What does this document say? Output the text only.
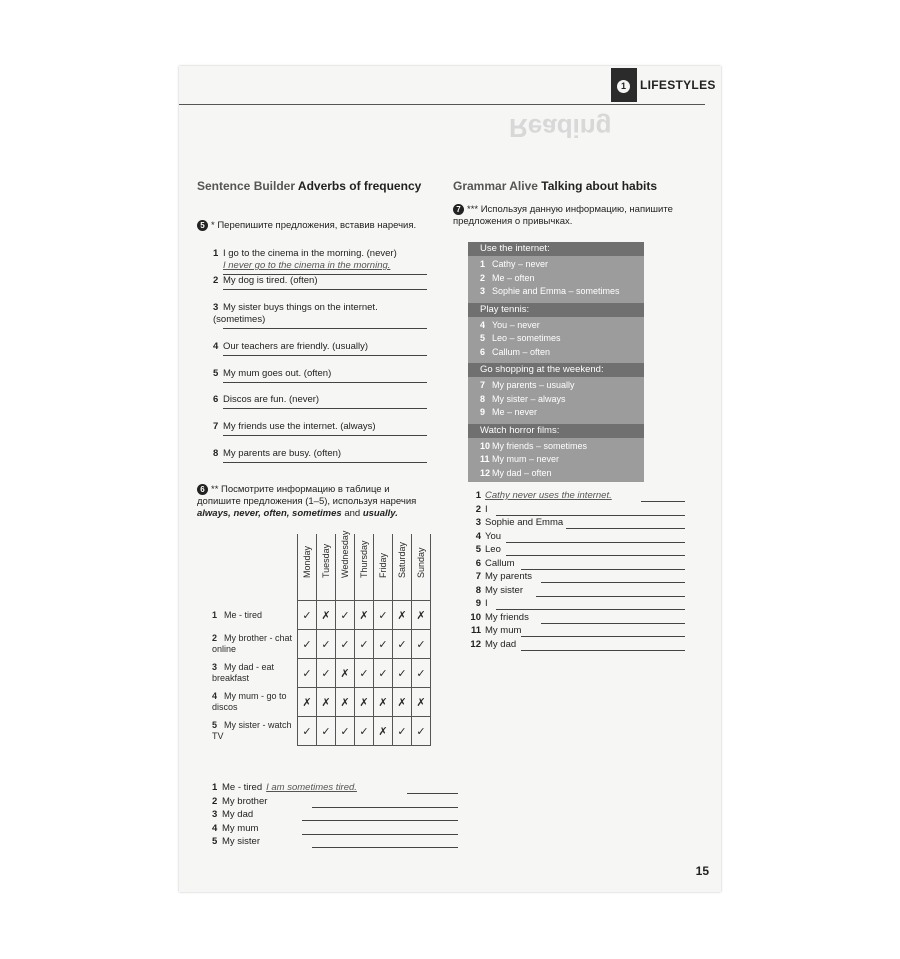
1	LIFESTYLES
Reading
Sentence Builder Adverbs of frequency
5 * Перепишите предложения, вставив наречия.
6 ** Посмотрите информацию в таблице и допишите предложения (1–5), используя наречия always, never, often, sometimes and usually.

	Monday	Tuesday	Wednesday	Thursday	Friday	Saturday	Sunday

1 Me - tired	✓	✗	✓	✗	✓	✗	✗
2 My brother - chat online	✓	✓	✓	✓	✓	✓	✓
3 My dad - eat breakfast	✓	✓	✗	✓	✓	✓	✓
4 My mum - go to discos	✗	✗	✗	✗	✗	✗	✗
5 My sister - watch TV	✓	✓	✓	✓	✗	✓	✓
Grammar Alive Talking about habits
7 *** Используя данную информацию, напишите предложения о привычках.
Use the internet:
1 Cathy – never
2 Me – often
3 Sophie and Emma – sometimes
Play tennis:
4 You – never
5 Leo – sometimes
6 Callum – often
Go shopping at the weekend:
7 My parents – usually
8 My sister – always
9 Me – never
Watch horror films:
10 My friends – sometimes
11 My mum – never
12 My dad – often
15
1 I go to the cinema in the morning. (never)
I never go to the cinema in the morning.
2 My dog is tired. (often)
3 My sister buys things on the internet. (sometimes)
4 Our teachers are friendly. (usually)
5 My mum goes out. (often)
6 Discos are fun. (never)
7 My friends use the internet. (always)
8 My parents are busy. (often)
1 Me - tired I am sometimes tired.
2 My brother
3 My dad
4 My mum
5 My sister
1 Cathy never uses the internet.
2 I
3 Sophie and Emma
4 You
5 Leo
6 Callum
7 My parents
8 My sister
9 I
10 My friends
11 My mum
12 My dad
